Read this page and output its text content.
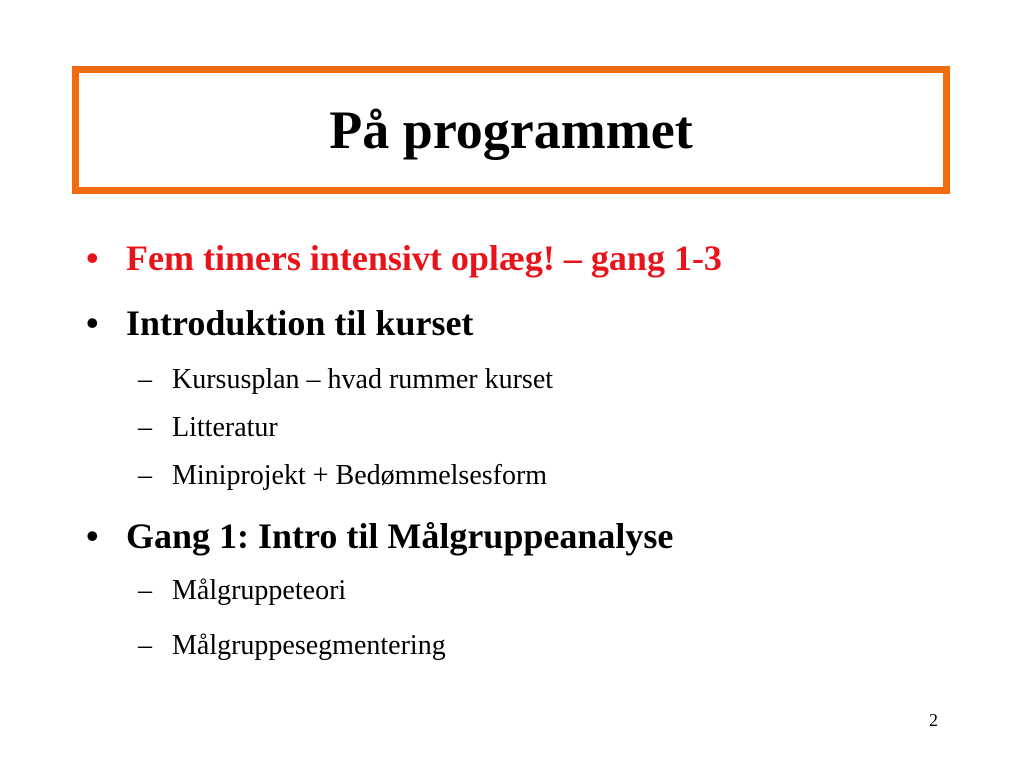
På programmet
• Fem timers intensivt oplæg! – gang 1-3
• Introduktion til kurset
– Kursusplan – hvad rummer kurset
– Litteratur
– Miniprojekt + Bedømmelsesform
• Gang 1: Intro til Målgruppeanalyse
– Målgruppeteori
– Målgruppesegmentering
2
